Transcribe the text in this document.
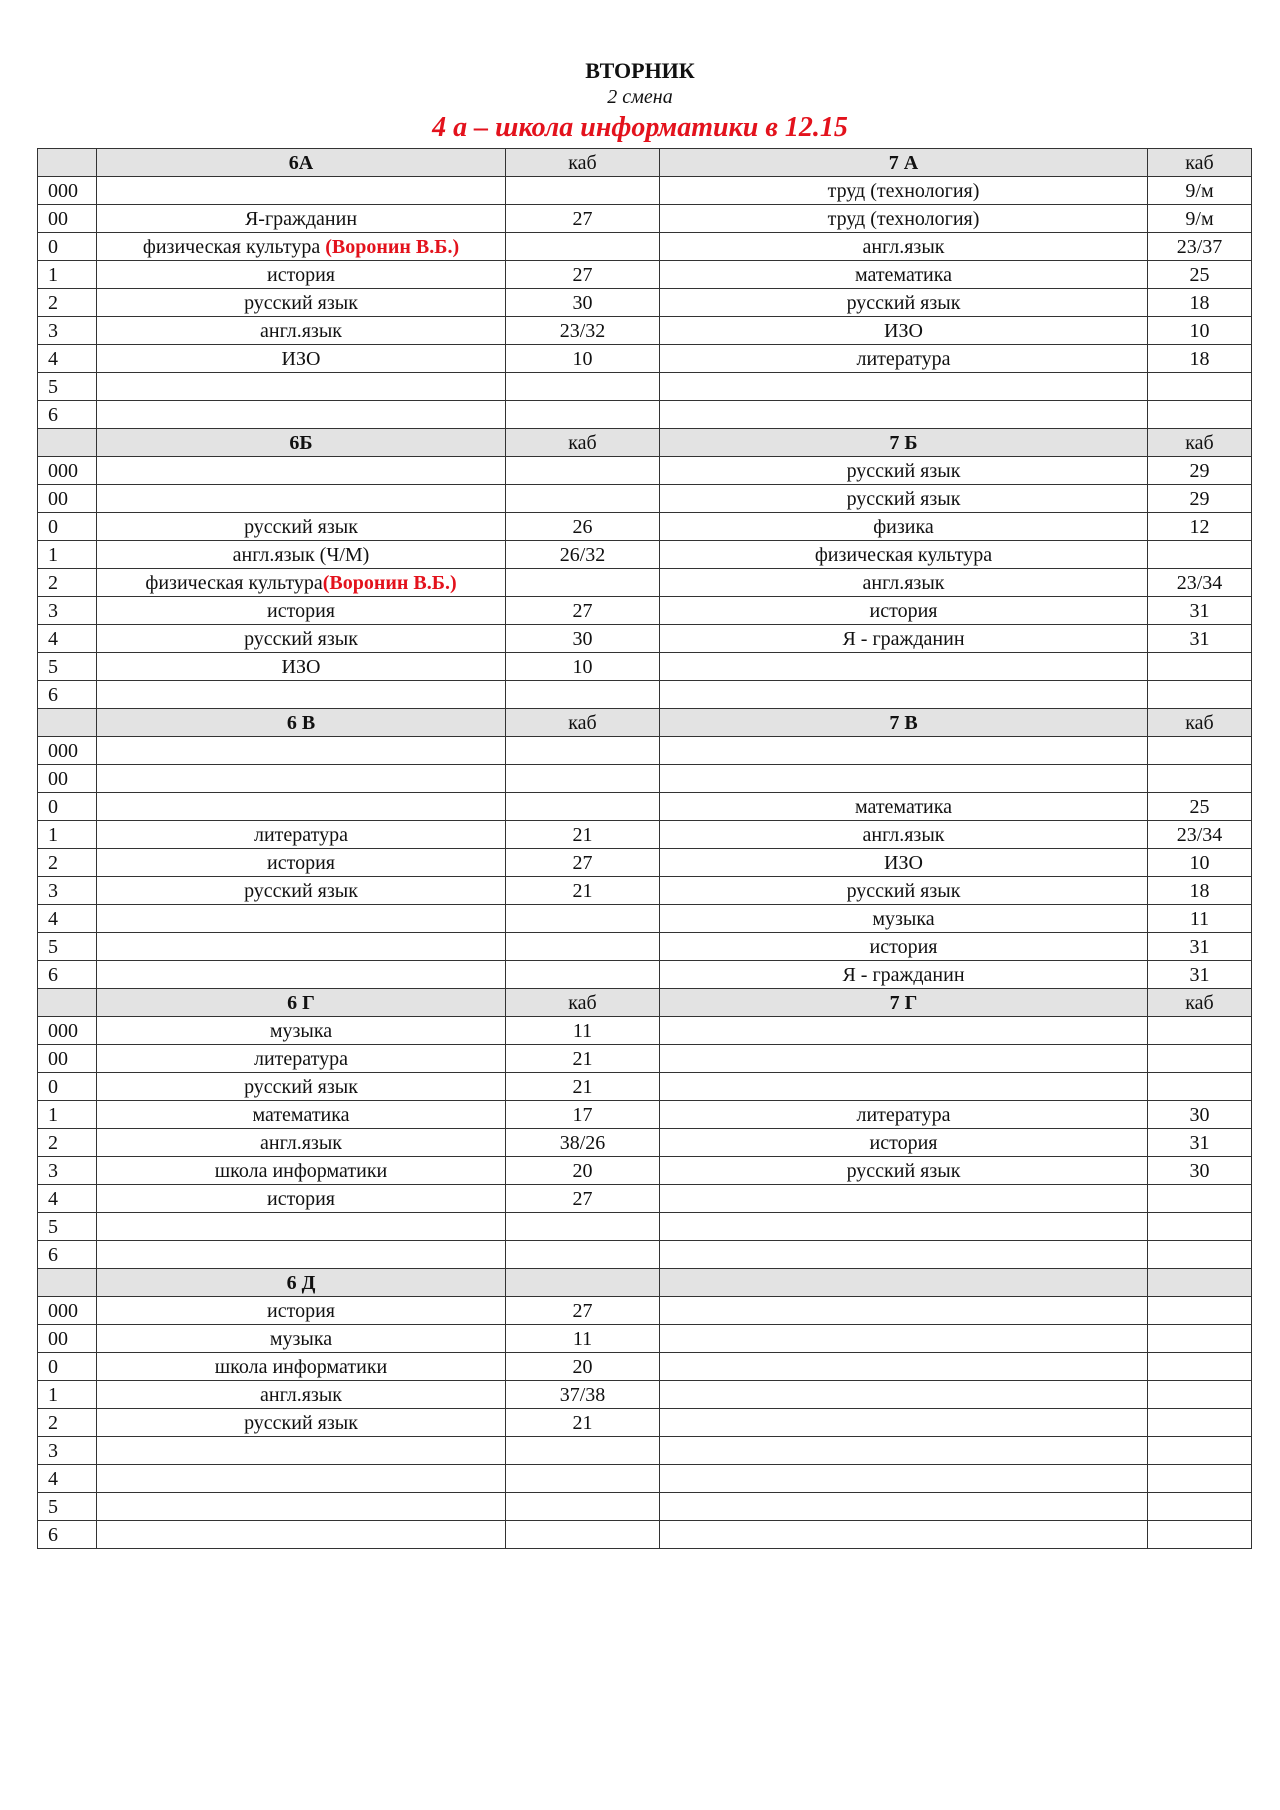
ВТОРНИК
2 смена
4 а – школа информатики в 12.15
	6А	каб	7 А	каб
000			труд (технология)	9/м
00	Я-гражданин	27	труд (технология)	9/м
0	физическая культура (Воронин В.Б.)		англ.язык	23/37
1	история	27	математика	25
2	русский язык	30	русский язык	18
3	англ.язык	23/32	ИЗО	10
4	ИЗО	10	литература	18
5				
6				
	6Б	каб	7 Б	каб
000			русский язык	29
00			русский язык	29
0	русский язык	26	физика	12
1	англ.язык (Ч/М)	26/32	физическая культура	
2	физическая культура(Воронин В.Б.)		англ.язык	23/34
3	история	27	история	31
4	русский язык	30	Я - гражданин	31
5	ИЗО	10		
6				
	6 В	каб	7 В	каб
000				
00				
0			математика	25
1	литература	21	англ.язык	23/34
2	история	27	ИЗО	10
3	русский язык	21	русский язык	18
4			музыка	11
5			история	31
6			Я - гражданин	31
	6 Г	каб	7 Г	каб
000	музыка	11		
00	литература	21		
0	русский язык	21		
1	математика	17	литература	30
2	англ.язык	38/26	история	31
3	школа информатики	20	русский язык	30
4	история	27		
5				
6				
	6 Д			
000	история	27		
00	музыка	11		
0	школа информатики	20		
1	англ.язык	37/38		
2	русский язык	21		
3				
4				
5				
6				
